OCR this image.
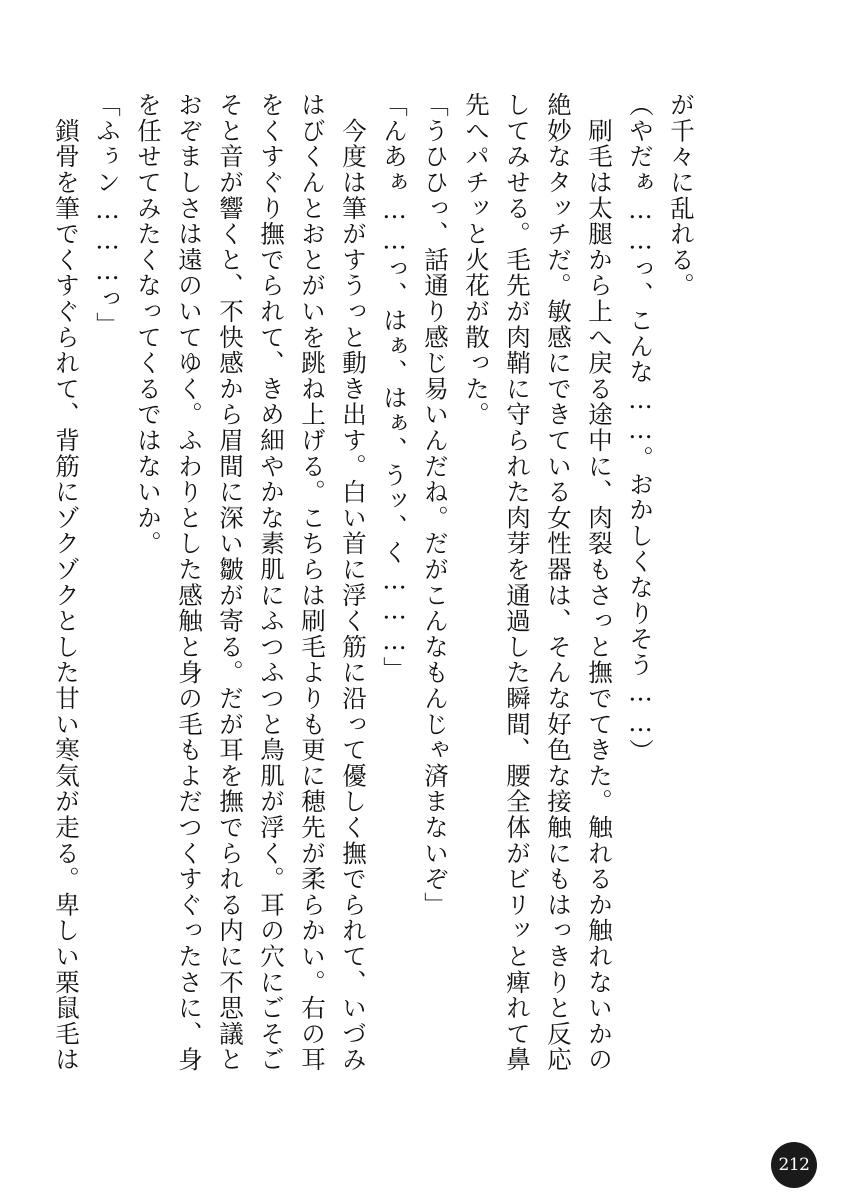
が千々に乱れる。

（やだぁ……っ、こんな……。おかしくなりそう……）

　刷毛は太腿から上へ戻る途中に、肉裂もさっと撫でてきた。触れるか触れないかの

絶妙なタッチだ。敏感にできている女性器は、そんな好色な接触にもはっきりと反応

してみせる。毛先が肉鞘に守られた肉芽を通過した瞬間、腰全体がビリッと痺れて鼻

先へパチッと火花が散った。

「うひひっ、話通り感じ易いんだね。だがこんなもんじゃ済まないぞ」

「んあぁ……っ、はぁ、はぁ、うッ、く………」

　今度は筆がすうっと動き出す。白い首に浮く筋に沿って優しく撫でられて、いづみ

はびくんとおとがいを跳ね上げる。こちらは刷毛よりも更に穂先が柔らかい。右の耳

をくすぐり撫でられて、きめ細やかな素肌にふつふつと鳥肌が浮く。耳の穴にごそご

そと音が響くと、不快感から眉間に深い皺が寄る。だが耳を撫でられる内に不思議と

おぞましさは遠のいてゆく。ふわりとした感触と身の毛もよだつくすぐったさに、身

を任せてみたくなってくるではないか。

「ふぅン………っ」

　鎖骨を筆でくすぐられて、背筋にゾクゾクとした甘い寒気が走る。卑しい栗鼠毛は

212
